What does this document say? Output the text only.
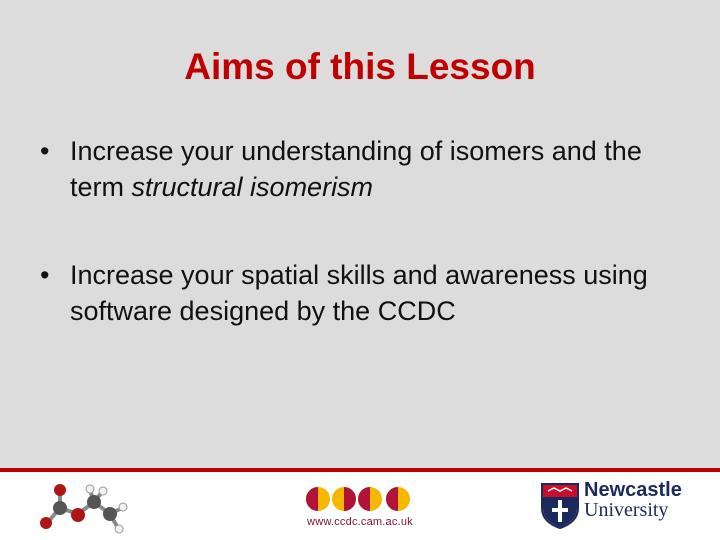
Aims of this Lesson
• Increase your understanding of isomers and the term structural isomerism
• Increase your spatial skills and awareness using software designed by the CCDC
www.ccdc.cam.ac.uk
Newcastle
University
